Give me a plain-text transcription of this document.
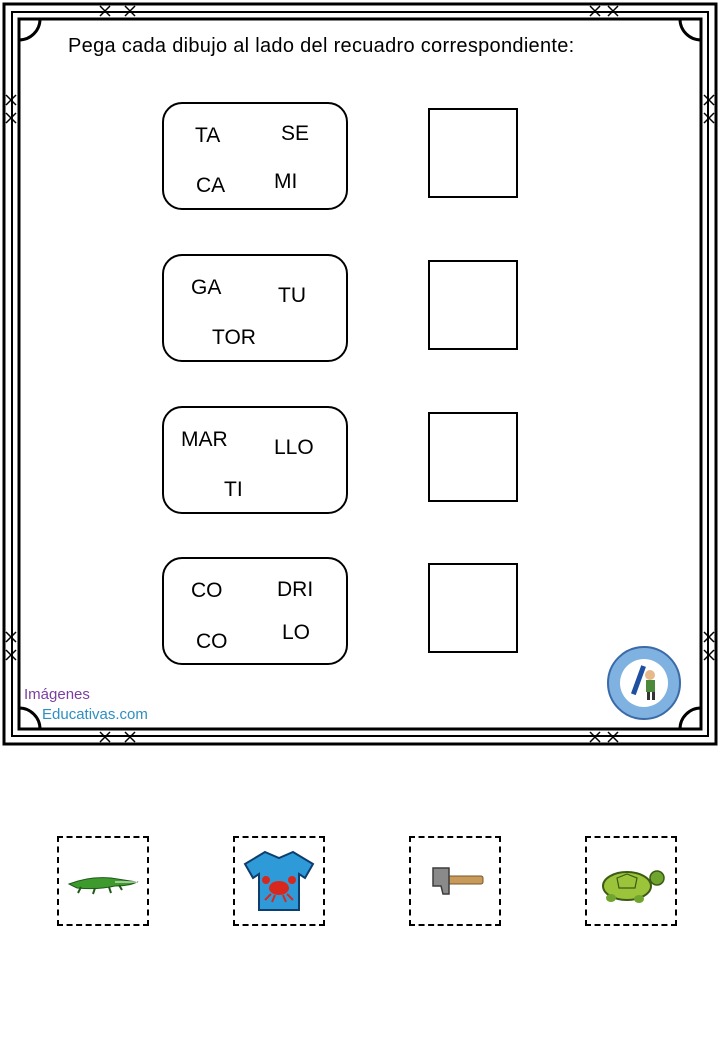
Pega cada dibujo al lado del recuadro correspondiente:
TA	SE
CA MI
GA	TU
TOR
MAR LLO
TI
CO	DRI
CO	LO
Imágenes
Educativas.com
